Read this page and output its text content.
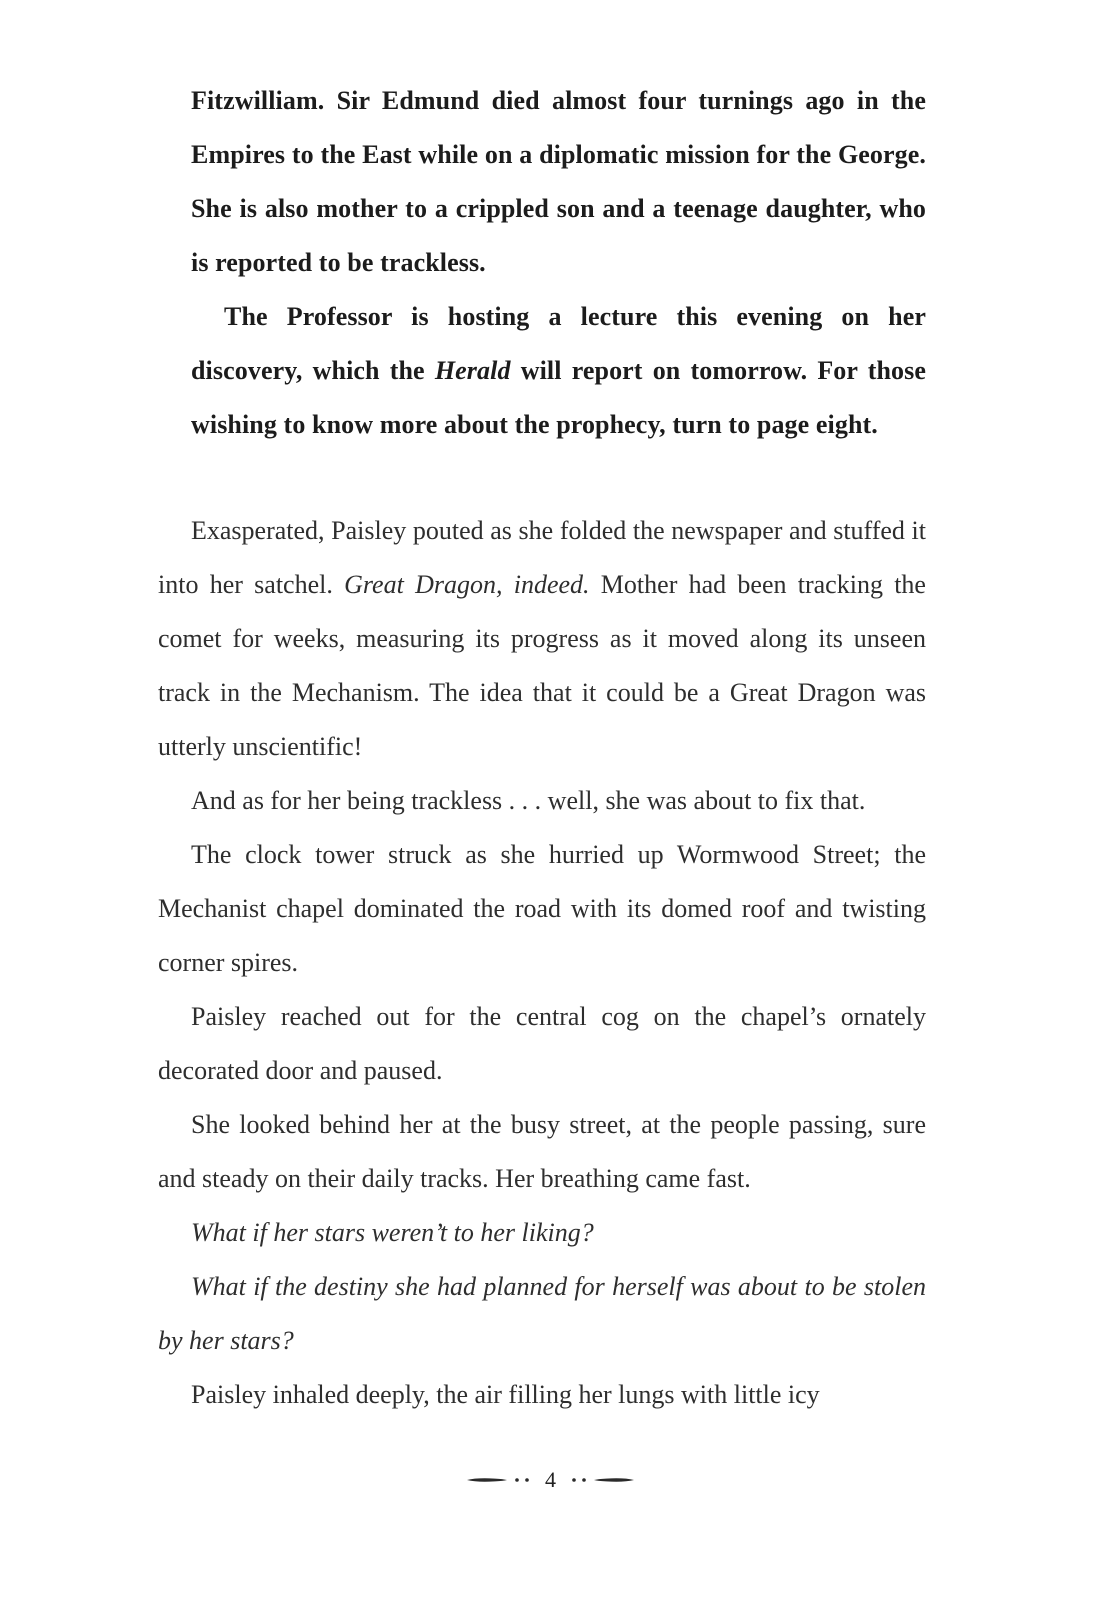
Fitzwilliam. Sir Edmund died almost four turnings ago in the Empires to the East while on a diplomatic mission for the George. She is also mother to a crippled son and a teenage daughter, who is reported to be trackless.

The Professor is hosting a lecture this evening on her discovery, which the Herald will report on tomorrow. For those wishing to know more about the prophecy, turn to page eight.

Exasperated, Paisley pouted as she folded the newspaper and stuffed it into her satchel. Great Dragon, indeed. Mother had been tracking the comet for weeks, measuring its progress as it moved along its unseen track in the Mechanism. The idea that it could be a Great Dragon was utterly unscientific!

And as for her being trackless . . . well, she was about to fix that.

The clock tower struck as she hurried up Wormwood Street; the Mechanist chapel dominated the road with its domed roof and twisting corner spires.

Paisley reached out for the central cog on the chapel’s ornately decorated door and paused.

She looked behind her at the busy street, at the people passing, sure and steady on their daily tracks. Her breathing came fast.

What if her stars weren’t to her liking?

What if the destiny she had planned for herself was about to be stolen by her stars?

Paisley inhaled deeply, the air filling her lungs with little icy

4
